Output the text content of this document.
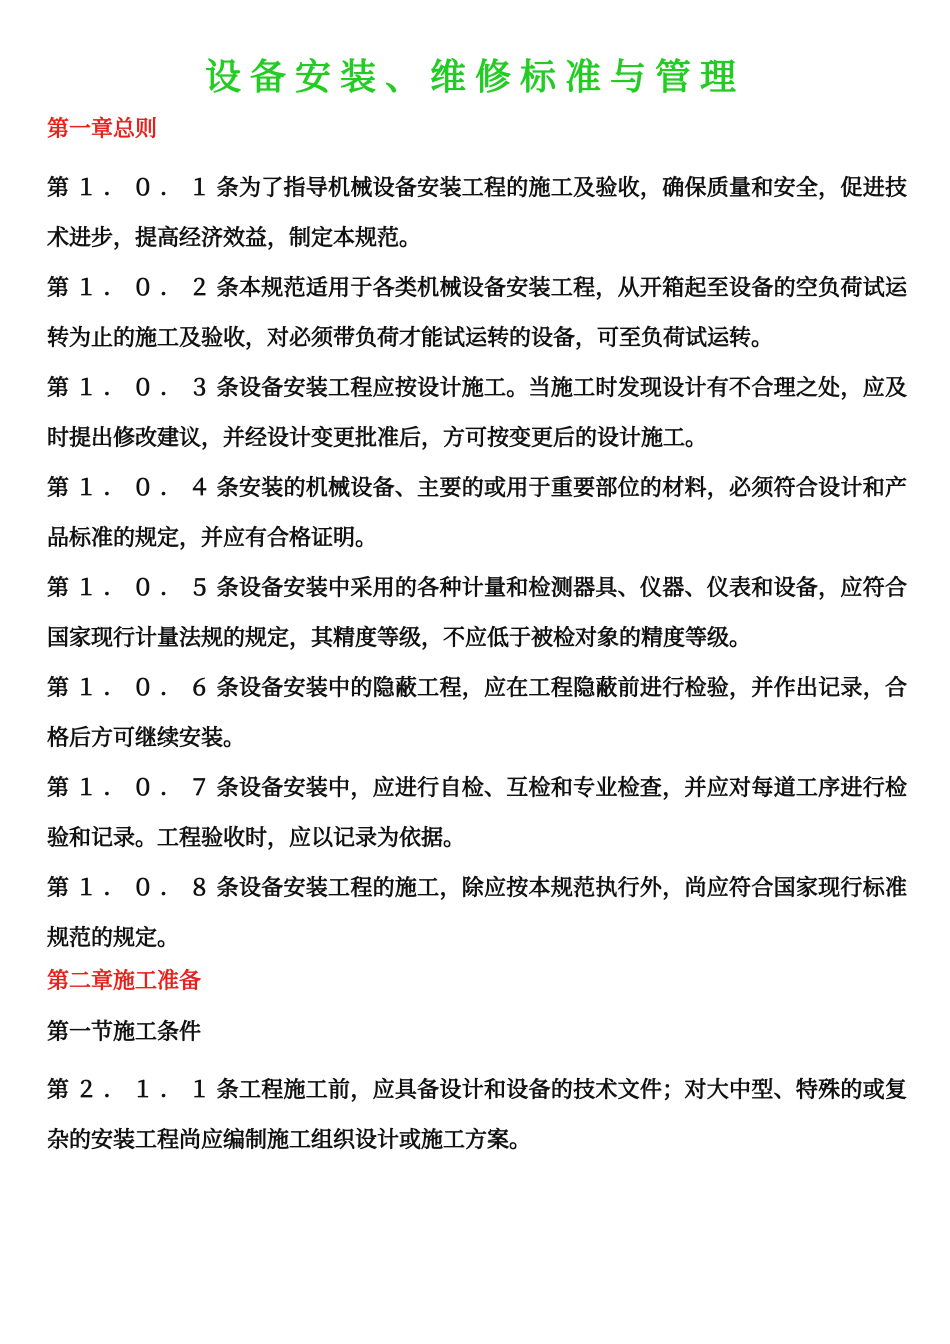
设备安装、维修标准与管理
第一章总则

第１．０．１条为了指导机械设备安装工程的施工及验收，确保质量和安全，促进技术进步，提高经济效益，制定本规范。

第１．０．２条本规范适用于各类机械设备安装工程，从开箱起至设备的空负荷试运转为止的施工及验收，对必须带负荷才能试运转的设备，可至负荷试运转。

第１．０．３条设备安装工程应按设计施工。当施工时发现设计有不合理之处，应及时提出修改建议，并经设计变更批准后，方可按变更后的设计施工。

第１．０．４条安装的机械设备、主要的或用于重要部位的材料，必须符合设计和产品标准的规定，并应有合格证明。

第１．０．５条设备安装中采用的各种计量和检测器具、仪器、仪表和设备，应符合国家现行计量法规的规定，其精度等级，不应低于被检对象的精度等级。

第１．０．６条设备安装中的隐蔽工程，应在工程隐蔽前进行检验，并作出记录，合格后方可继续安装。

第１．０．７条设备安装中，应进行自检、互检和专业检查，并应对每道工序进行检验和记录。工程验收时，应以记录为依据。

第１．０．８条设备安装工程的施工，除应按本规范执行外，尚应符合国家现行标准规范的规定。

第二章施工准备
第一节施工条件

第２．１．１条工程施工前，应具备设计和设备的技术文件；对大中型、特殊的或复杂的安装工程尚应编制施工组织设计或施工方案。
